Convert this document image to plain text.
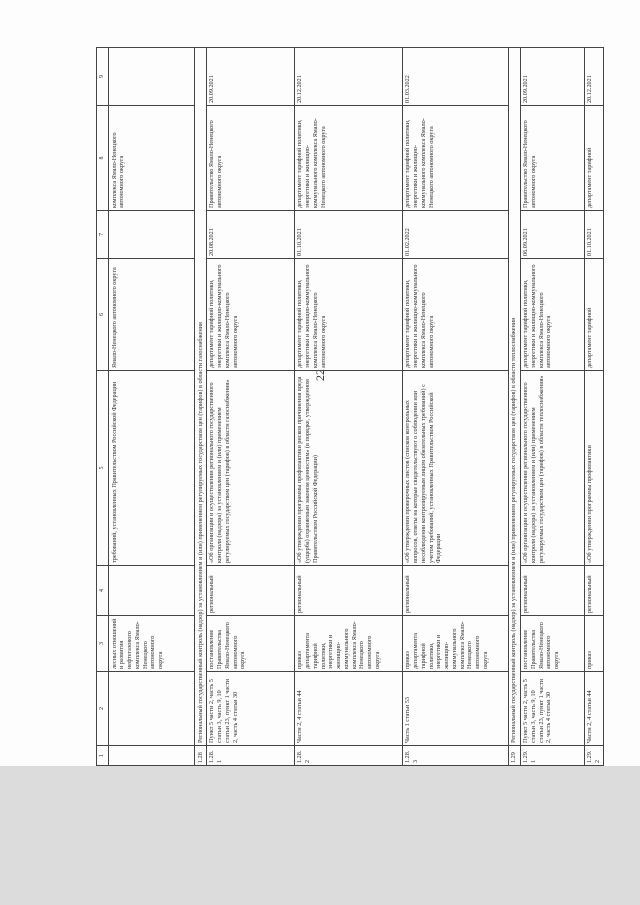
22
1	2	3	4	5	6	7	8	9
		лесных отношений и развития нефтегазового комплекса Ямало-Ненецкого автономного округа		требований, установленных Правительством Российской Федерации	Ямало-Ненецкого автономного округа		комплекса Ямало-Ненецкого автономного округа	
1.28	Региональный государственный контроль (надзор) за установлением и (или) применением регулируемых государством цен (тарифов) в области газоснабжения							
1.28.1	Пункт 5 части 2, часть 5 статьи 3, часть 9, 10 статьи 23, пункт 1 части 2, часть 4 статьи 30	постановление Правительства Ямало-Ненецкого автономного округа	региональный	«Об организации и осуществлении регионального государственного контроля (надзора) за установлением и (или) применением регулируемых государством цен (тарифов) в области газоснабжения»	департамент тарифной политики, энергетики и жилищно-коммунального комплекса Ямало-Ненецкого автономного округа	20.08.2021	Правительство Ямало-Ненецкого автономного округа	20.09.2021
1.28.2	Части 2, 4 статьи 44	приказ департамента тарифной политики, энергетики и жилищно-коммунального комплекса Ямало-Ненецкого автономного округа	региональный	«Об утверждении программы профилактики рисков причинения вреда (ущерба) охраняемым законом ценностям» (в порядке, утвержденном Правительством Российской Федерации)	департамент тарифной политики, энергетики и жилищно-коммунального комплекса Ямало-Ненецкого автономного округа	01.10.2021	департамент тарифной политики, энергетики и жилищно-коммунального комплекса Ямало-Ненецкого автономного округа	20.12.2021
1.28.3	Часть 1 статьи 53	приказ департамента тарифной политики, энергетики и жилищно-коммунального комплекса Ямало-Ненецкого автономного округа	региональный	«Об утверждении проверочных листов (списков контрольных вопросов, ответы на которые свидетельствуют о соблюдении или несоблюдении контролируемым лицом обязательных требований) с учетом требований, установленных Правительством Российской Федерации	департамент тарифной политики, энергетики и жилищно-коммунального комплекса Ямало-Ненецкого автономного округа	01.02.2022	департамент тарифной политики, энергетики и жилищно-коммунального комплекса Ямало-Ненецкого автономного округа	01.03.2022
1.29	Региональный государственный контроль (надзор) за установлением и (или) применением регулируемых государством цен (тарифов) в области теплоснабжения							
1.29.1	Пункт 5 части 2, часть 5 статьи 3, часть 9, 10 статьи 23, пункт 1 части 2, часть 4 статьи 30	постановление Правительства Ямало-Ненецкого автономного округа	региональный	«Об организации и осуществлении регионального государственного контроля (надзора) за установлением и (или) применением регулируемых государством цен (тарифов) в области теплоснабжения»	департамент тарифной политики, энергетики и жилищно-коммунального комплекса Ямало-Ненецкого автономного округа	06.09.2021	Правительство Ямало-Ненецкого автономного округа	20.09.2021
1.29.2	Части 2, 4 статьи 44	приказ	региональный	«Об утверждении программы профилактики	департамент тарифной	01.10.2021	департамент тарифной	20.12.2021
